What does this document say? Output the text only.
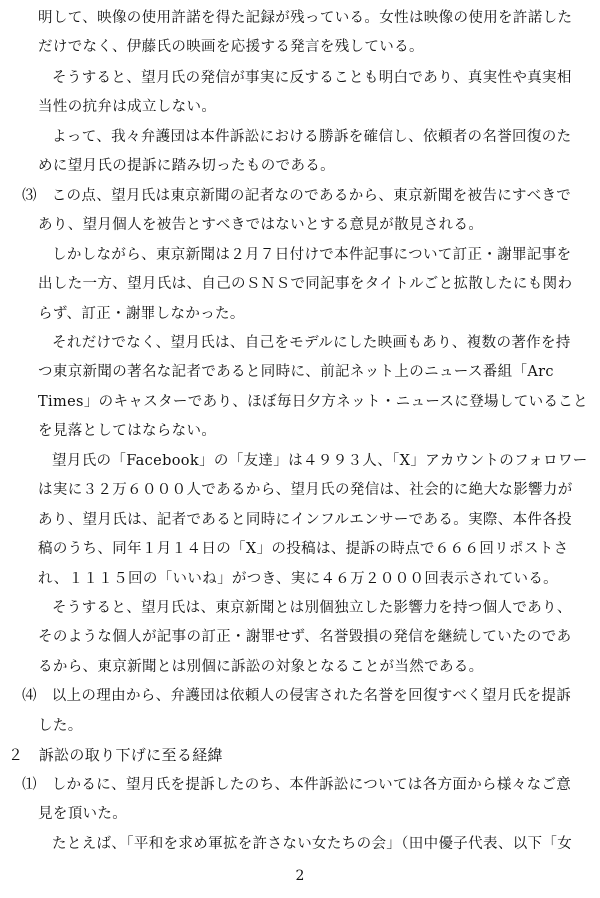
明して、映像の使用許諾を得た記録が残っている。女性は映像の使用を許諾した
だけでなく、伊藤氏の映画を応援する発言を残している。
そうすると、望月氏の発信が事実に反することも明白であり、真実性や真実相
当性の抗弁は成立しない。
よって、我々弁護団は本件訴訟における勝訴を確信し、依頼者の名誉回復のた
めに望月氏の提訴に踏み切ったものである。
⑶　この点、望月氏は東京新聞の記者なのであるから、東京新聞を被告にすべきで
あり、望月個人を被告とすべきではないとする意見が散見される。
しかしながら、東京新聞は２月７日付けで本件記事について訂正・謝罪記事を
出した一方、望月氏は、自己のＳＮＳで同記事をタイトルごと拡散したにも関わ
らず、訂正・謝罪しなかった。
それだけでなく、望月氏は、自己をモデルにした映画もあり、複数の著作を持
つ東京新聞の著名な記者であると同時に、前記ネット上のニュース番組「Arc
Times」のキャスターであり、ほぼ毎日夕方ネット・ニュースに登場していること
を見落としてはならない。
望月氏の「Facebook」の「友達」は４９９３人、「X」アカウントのフォロワー
は実に３２万６０００人であるから、望月氏の発信は、社会的に絶大な影響力が
あり、望月氏は、記者であると同時にインフルエンサーである。実際、本件各投
稿のうち、同年１月１４日の「X」の投稿は、提訴の時点で６６６回リポストさ
れ、１１１５回の「いいね」がつき、実に４６万２０００回表示されている。
そうすると、望月氏は、東京新聞とは別個独立した影響力を持つ個人であり、
そのような個人が記事の訂正・謝罪せず、名誉毀損の発信を継続していたのであ
るから、東京新聞とは別個に訴訟の対象となることが当然である。
⑷　以上の理由から、弁護団は依頼人の侵害された名誉を回復すべく望月氏を提訴
した。
２　訴訟の取り下げに至る経緯
⑴　しかるに、望月氏を提訴したのち、本件訴訟については各方面から様々なご意
見を頂いた。
たとえば、「平和を求め軍拡を許さない女たちの会」（田中優子代表、以下「女
2
